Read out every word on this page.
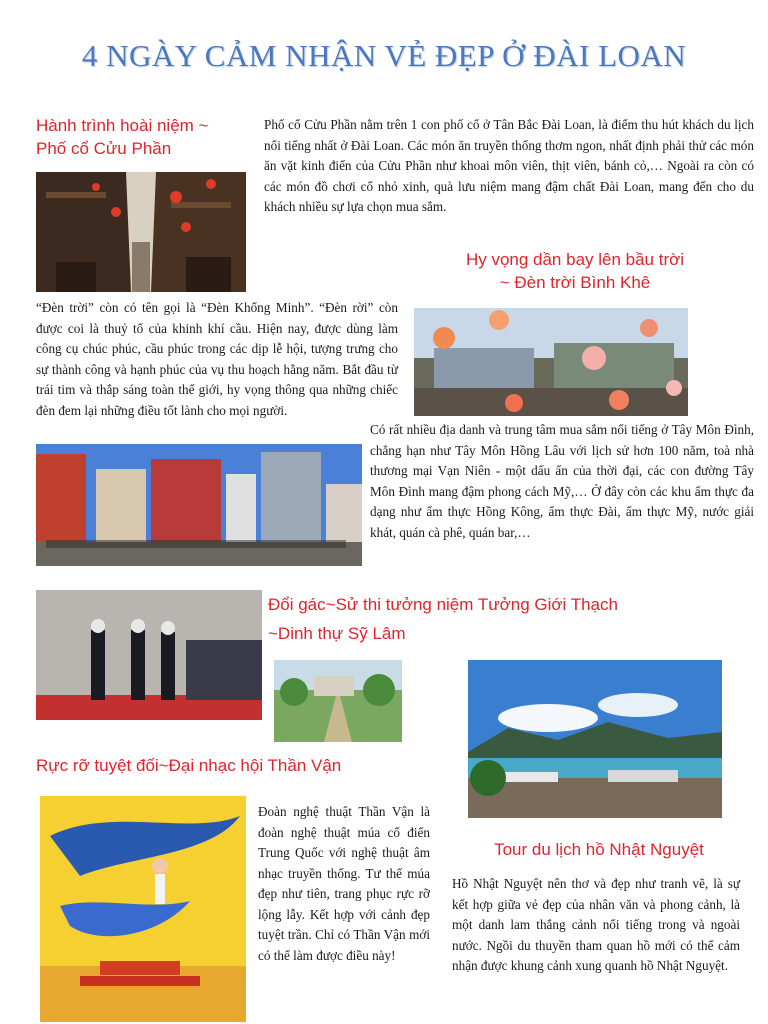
4 NGÀY CẢM NHẬN VẺ ĐẸP Ở ĐÀI LOAN
Hành trình hoài niệm ~
Phố cổ Cửu Phần
Phố cổ Cửu Phần nằm trên 1 con phố cổ ở Tân Bắc Đài Loan, là điểm thu hút khách du lịch nổi tiếng nhất ở Đài Loan. Các món ăn truyền thống thơm ngon, nhất định phải thử các món ăn vặt kinh điển của Cửu Phần như khoai môn viên, thịt viên, bánh cỏ,… Ngoài ra còn có các món đồ chơi cổ nhỏ xinh, quà lưu niệm mang đậm chất Đài Loan, mang đến cho du khách nhiều sự lựa chọn mua sắm.
Hy vọng dần bay lên bầu trời
~ Đèn trời Bình Khê
“Đèn trời” còn có tên gọi là “Đèn Khổng Minh”. “Đèn rời” còn được coi là thuỷ tổ của khinh khí cầu. Hiện nay, được dùng làm công cụ chúc phúc, cầu phúc trong các dịp lễ hội, tượng trưng cho sự thành công và hạnh phúc của vụ thu hoạch hằng năm. Bắt đầu từ trái tim và thắp sáng toàn thế giới, hy vọng thông qua những chiếc đèn đem lại những điều tốt lành cho mọi người.
Có rất nhiều địa danh và trung tâm mua sắm nổi tiếng ở Tây Môn Đình, chẳng hạn như Tây Môn Hồng Lâu với lịch sử hơn 100 năm, toà nhà thương mại Vạn Niên - một dấu ấn của thời đại, các con đường Tây Môn Đình mang đậm phong cách Mỹ,… Ở đây còn các khu ẩm thực đa dạng như ẩm thực Hồng Kông, ẩm thực Đài, ẩm thực Mỹ, nước giải khát, quán cà phê, quán bar,…
Đổi gác~Sử thi tưởng niệm Tưởng Giới Thạch
~Dinh thự Sỹ Lâm
Rực rỡ tuyệt đối~Đại nhạc hội Thần Vận
Đoàn nghệ thuật Thần Vận là đoàn nghệ thuật múa cổ điển Trung Quốc với nghệ thuật âm nhạc truyền thống. Tư thế múa đẹp như tiên, trang phục rực rỡ lộng lẫy. Kết hợp với cảnh đẹp tuyệt trần. Chỉ có Thần Vận mới có thể làm được điều này!
Tour du lịch hồ Nhật Nguyệt
Hồ Nhật Nguyệt nên thơ và đẹp như tranh vẽ, là sự kết hợp giữa vẻ đẹp của nhân văn và phong cảnh, là một danh lam thắng cảnh nổi tiếng trong và ngoài nước. Ngồi du thuyền tham quan hồ mới có thể cảm nhận được khung cảnh xung quanh hồ Nhật Nguyệt.
